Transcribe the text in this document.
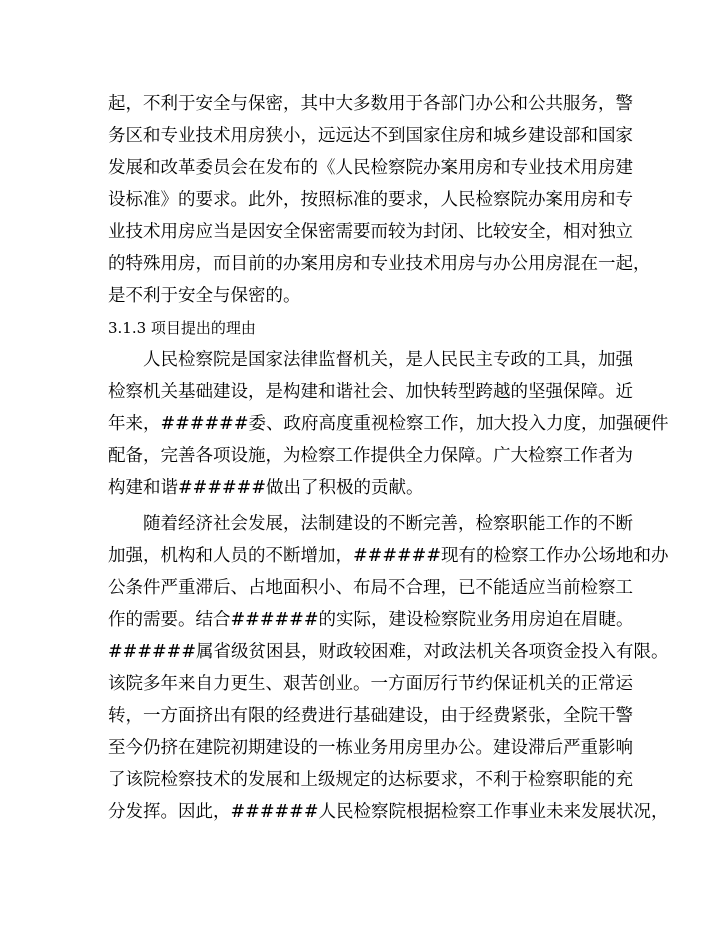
起，不利于安全与保密，其中大多数用于各部门办公和公共服务，警
务区和专业技术用房狭小，远远达不到国家住房和城乡建设部和国家
发展和改革委员会在发布的《人民检察院办案用房和专业技术用房建
设标准》的要求。此外，按照标准的要求，人民检察院办案用房和专
业技术用房应当是因安全保密需要而较为封闭、比较安全，相对独立
的特殊用房，而目前的办案用房和专业技术用房与办公用房混在一起，
是不利于安全与保密的。
3.1.3 项目提出的理由
人民检察院是国家法律监督机关，是人民民主专政的工具，加强
检察机关基础建设，是构建和谐社会、加快转型跨越的坚强保障。近
年来，######委、政府高度重视检察工作，加大投入力度，加强硬件
配备，完善各项设施，为检察工作提供全力保障。广大检察工作者为
构建和谐######做出了积极的贡献。
随着经济社会发展，法制建设的不断完善，检察职能工作的不断
加强，机构和人员的不断增加，######现有的检察工作办公场地和办
公条件严重滞后、占地面积小、布局不合理，已不能适应当前检察工
作的需要。结合######的实际，建设检察院业务用房迫在眉睫。
######属省级贫困县，财政较困难，对政法机关各项资金投入有限。
该院多年来自力更生、艰苦创业。一方面厉行节约保证机关的正常运
转，一方面挤出有限的经费进行基础建设，由于经费紧张，全院干警
至今仍挤在建院初期建设的一栋业务用房里办公。建设滞后严重影响
了该院检察技术的发展和上级规定的达标要求，不利于检察职能的充
分发挥。因此，######人民检察院根据检察工作事业未来发展状况，
